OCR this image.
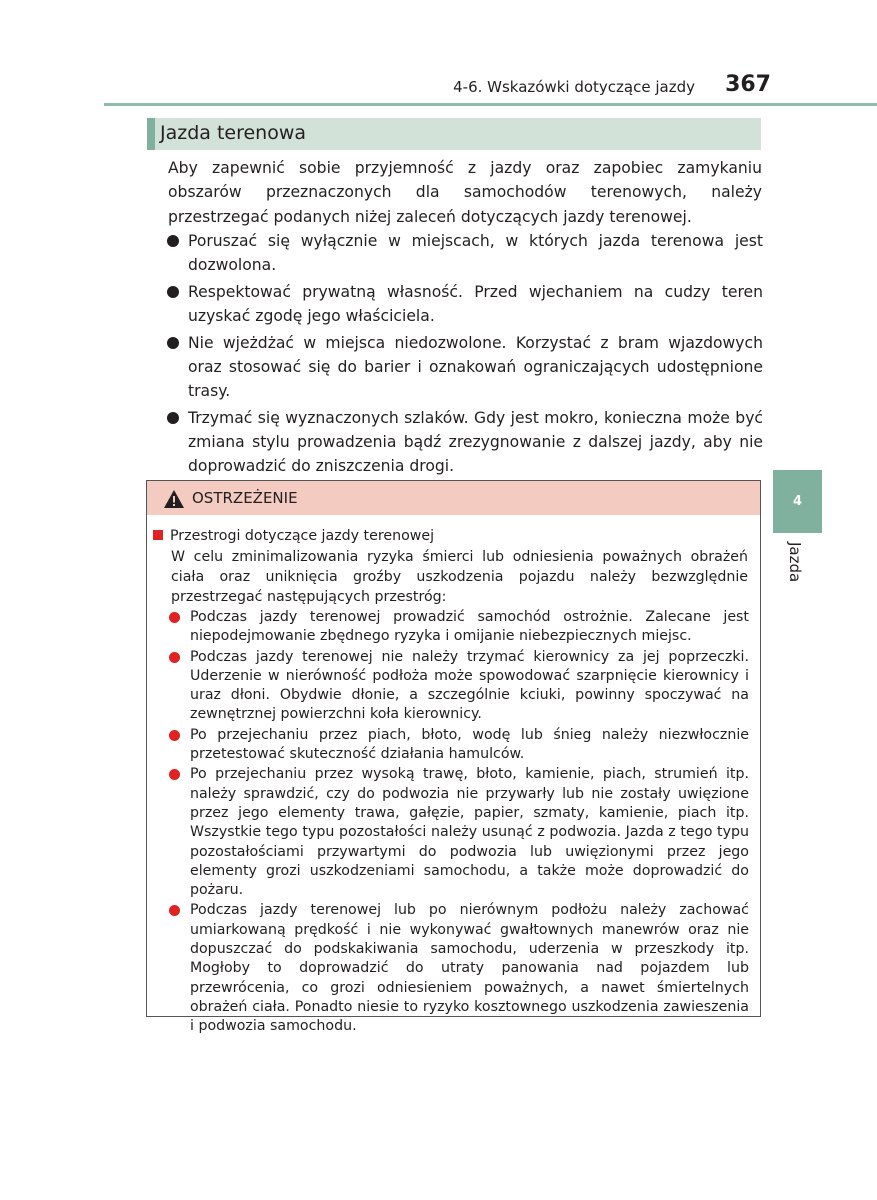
4-6. Wskazówki dotyczące jazdy 367
Jazda terenowa
Aby zapewnić sobie przyjemność z jazdy oraz zapobiec zamykaniu obszarów przeznaczonych dla samochodów terenowych, należy przestrzegać podanych niżej zaleceń dotyczących jazdy terenowej.
Poruszać się wyłącznie w miejscach, w których jazda terenowa jest dozwolona.
Respektować prywatną własność. Przed wjechaniem na cudzy teren uzyskać zgodę jego właściciela.
Nie wjeżdżać w miejsca niedozwolone. Korzystać z bram wjazdowych oraz stosować się do barier i oznakowań ograniczających udostępnione trasy.
Trzymać się wyznaczonych szlaków. Gdy jest mokro, konieczna może być zmiana stylu prowadzenia bądź zrezygnowanie z dalszej jazdy, aby nie doprowadzić do zniszczenia drogi.
4
Jazda
OSTRZEŻENIE
Przestrogi dotyczące jazdy terenowej
W celu zminimalizowania ryzyka śmierci lub odniesienia poważnych obrażeń ciała oraz uniknięcia groźby uszkodzenia pojazdu należy bezwzględnie przestrzegać następujących przestróg:
Podczas jazdy terenowej prowadzić samochód ostrożnie. Zalecane jest niepodejmowanie zbędnego ryzyka i omijanie niebezpiecznych miejsc.
Podczas jazdy terenowej nie należy trzymać kierownicy za jej poprzeczki. Uderzenie w nierówność podłoża może spowodować szarpnięcie kierownicy i uraz dłoni. Obydwie dłonie, a szczególnie kciuki, powinny spoczywać na zewnętrznej powierzchni koła kierownicy.
Po przejechaniu przez piach, błoto, wodę lub śnieg należy niezwłocznie przetestować skuteczność działania hamulców.
Po przejechaniu przez wysoką trawę, błoto, kamienie, piach, strumień itp. należy sprawdzić, czy do podwozia nie przywarły lub nie zostały uwięzione przez jego elementy trawa, gałęzie, papier, szmaty, kamienie, piach itp. Wszystkie tego typu pozostałości należy usunąć z podwozia. Jazda z tego typu pozostałościami przywartymi do podwozia lub uwięzionymi przez jego elementy grozi uszkodzeniami samochodu, a także może doprowadzić do pożaru.
Podczas jazdy terenowej lub po nierównym podłożu należy zachować umiarkowaną prędkość i nie wykonywać gwałtownych manewrów oraz nie dopuszczać do podskakiwania samochodu, uderzenia w przeszkody itp. Mogłoby to doprowadzić do utraty panowania nad pojazdem lub przewrócenia, co grozi odniesieniem poważnych, a nawet śmiertelnych obrażeń ciała. Ponadto niesie to ryzyko kosztownego uszkodzenia zawieszenia i podwozia samochodu.
